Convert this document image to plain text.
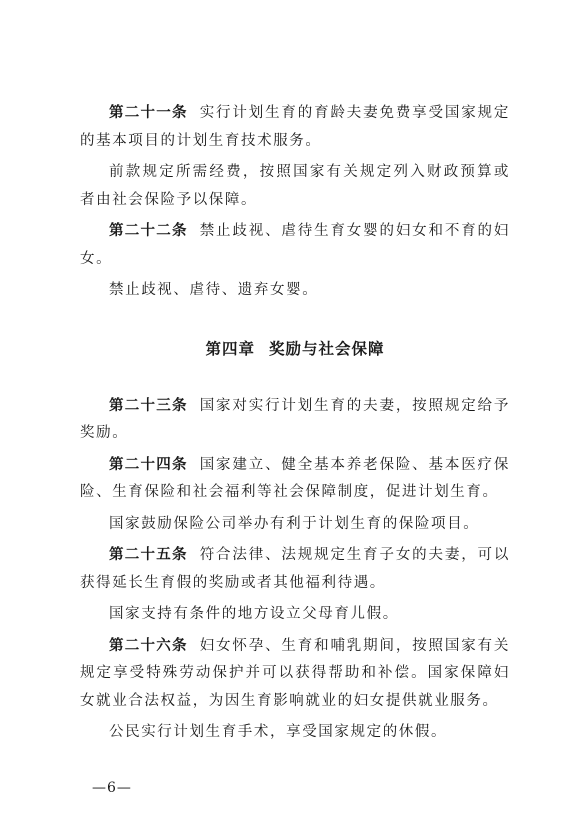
第二十一条 实行计划生育的育龄夫妻免费享受国家规定的基本项目的计划生育技术服务。

前款规定所需经费，按照国家有关规定列入财政预算或者由社会保险予以保障。

第二十二条 禁止歧视、虐待生育女婴的妇女和不育的妇女。

禁止歧视、虐待、遗弃女婴。

第四章 奖励与社会保障

第二十三条 国家对实行计划生育的夫妻，按照规定给予奖励。

第二十四条 国家建立、健全基本养老保险、基本医疗保险、生育保险和社会福利等社会保障制度，促进计划生育。

国家鼓励保险公司举办有利于计划生育的保险项目。

第二十五条 符合法律、法规规定生育子女的夫妻，可以获得延长生育假的奖励或者其他福利待遇。

国家支持有条件的地方设立父母育儿假。

第二十六条 妇女怀孕、生育和哺乳期间，按照国家有关规定享受特殊劳动保护并可以获得帮助和补偿。国家保障妇女就业合法权益，为因生育影响就业的妇女提供就业服务。

公民实行计划生育手术，享受国家规定的休假。

—6—
